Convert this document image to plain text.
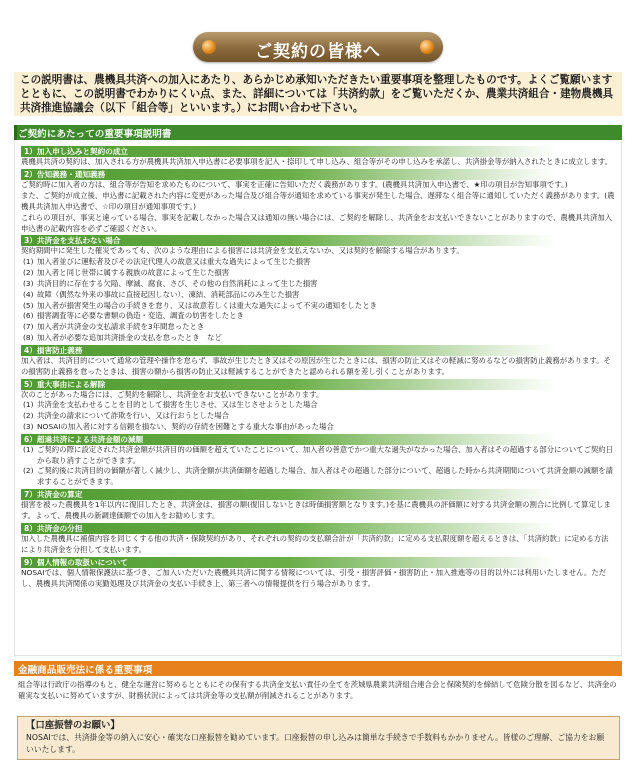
ご契約の皆様へ
この説明書は、農機具共済への加入にあたり、あらかじめ承知いただきたい重要事項を整理したものです。よくご覧願いますとともに、この説明書でわかりにくい点、また、詳細については「共済約款」をご覧いただくか、農業共済組合・建物農機具共済推進協議会（以下「組合等」といいます。）にお問い合わせ下さい。
ご契約にあたっての重要事項説明書
1）加入申し込みと契約の成立
農機具共済の契約は、加入される方が農機具共済加入申込書に必要事項を記入・捺印して申し込み、組合等がその申し込みを承諾し、共済掛金等が納入されたときに成立します。
2）告知義務・通知義務
ご契約時に加入者の方は、組合等が告知を求めたものについて、事実を正確に告知いただく義務があります。(農機具共済加入申込書で、★印の項目が告知事項です。)
また、ご契約が成立後、申込書に記載された内容に変更があった場合及び組合等が通知を求めている事実が発生した場合、遅滞なく組合等に通知していただく義務があります。(農機具共済加入申込書で、☆印の項目が通知事項です。)
これらの項目が、事実と違っている場合、事実を記載しなかった場合又は通知の無い場合には、ご契約を解除し、共済金をお支払いできないことがありますので、農機具共済加入申込書の記載内容を必ずご確認ください。
3）共済金を支払わない場合
契約期間中に発生した罹災であっても、次のような理由による損害には共済金を支払えないか、又は契約を解除する場合があります。
(1) 加入者並びに運転者及びその法定代理人の故意又は重大な過失によって生じた損害
(2) 加入者と同じ世帯に属する親族の故意によって生じた損害
(3) 共済目的に存在する欠陥、摩滅、腐食、さび、その他の自然消耗によって生じた損害
(4) 故障（偶然な外来の事故に直接起因しない）、凍結、消耗部品にのみ生じた損害
(5) 加入者が損害発生の場合の手続きを怠り、又は故意若しくは重大な過失によって不実の通知をしたとき
(6) 損害調査等に必要な書類の偽造・変造、調査の妨害をしたとき
(7) 加入者が共済金の支払請求手続を3年間怠ったとき
(8) 加入者が必要な追加共済掛金の支払を怠ったとき　など
4）損害防止義務
加入者は、共済目的について通常の管理や操作を怠らず、事故が生じたとき又はその原因が生じたときには、損害の防止又はその軽減に努めるなどの損害防止義務があります。その損害防止義務を怠ったときは、損害の額から損害の防止又は軽減することができたと認められる額を差し引くことがあります。
5）重大事由による解除
次のことがあった場合には、ご契約を解除し、共済金をお支払いできないことがあります。
(1) 共済金を支払わせることを目的として損害を生じさせ、又は生じさせようとした場合
(2) 共済金の請求について詐欺を行い、又は行おうとした場合
(3) NOSAIの加入者に対する信頼を損ない、契約の存続を困難とする重大な事由があった場合
6）超過共済による共済金額の減額
(1) ご契約の際に設定された共済金額が共済目的の価額を超えていたことについて、加入者の善意でかつ重大な過失がなかった場合、加入者はその超過する部分についてご契約日から取り消すことができます。
(2) ご契約後に共済目的の価額が著しく減少し、共済金額が共済価額を超過した場合、加入者はその超過した部分について、超過した時から共済期間について共済金額の減額を請求することができます。
7）共済金の算定
損害を被った農機具を1年以内に復旧したとき、共済金は、損害の額(復旧しないときは時価損害額となります。)を基に農機具の評価額に対する共済金額の割合に比例して算定します。よって、農機具の新調達価額での加入をお勧めします。
8）共済金の分担
加入した農機具に補償内容を同じくする他の共済・保険契約があり、それぞれの契約の支払額合計が「共済約款」に定める支払限度額を超えるときは、「共済約款」に定める方法により共済金を分担して支払います。
9）個人情報の取扱いについて
NOSAIでは、個人情報保護法に基づき、ご加入いただいた農機具共済に関する情報については、引受・損害評価・損害防止・加入推進等の目的以外には利用いたしません。ただし、農機具共済関係の実勤処理及び共済金の支払い手続き上、第三者への情報提供を行う場合があります。
金融商品販売法に係る重要事項
組合等は行政庁の指導のもと、健全な運営に努めるとともにその保有する共済金支払い責任の全てを茨城県農業共済組合連合会と保険契約を締結して危険分散を図るなど、共済金の確実な支払いに努めていますが、財務状況によっては共済金等の支払額が削減されることがあります。
【口座振替のお願い】
NOSAIでは、共済掛金等の納入に安心・確実な口座振替を勧めています。口座振替の申し込みは簡単な手続きで手数料もかかりません。皆様のご理解、ご協力をお願いいたします。
